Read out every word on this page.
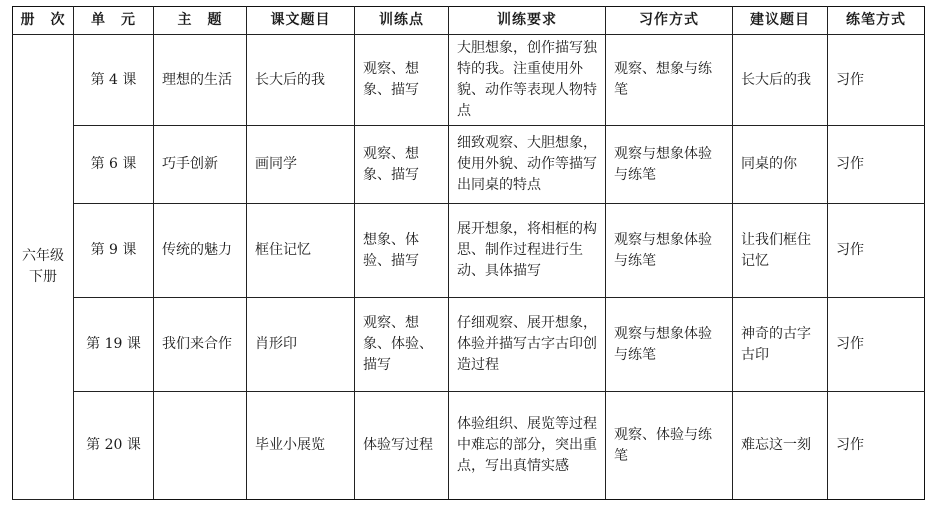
册　次	单　元	主　题	课文题目	训练点	训练要求	习作方式	建议题目	练笔方式
六年级下册	第 4 课	理想的生活	长大后的我	观察、想象、描写	大胆想象，创作描写独特的我。注重使用外貌、动作等表现人物特点	观察、想象与练笔	长大后的我	习作
	第 6 课	巧手创新	画同学	观察、想象、描写	细致观察、大胆想象，使用外貌、动作等描写出同桌的特点	观察与想象体验与练笔	同桌的你	习作
	第 9 课	传统的魅力	框住记忆	想象、体验、描写	展开想象，将相框的构思、制作过程进行生动、具体描写	观察与想象体验与练笔	让我们框住记忆	习作
	第 19 课	我们来合作	肖形印	观察、想象、体验、描写	仔细观察、展开想象，体验并描写古字古印创造过程	观察与想象体验与练笔	神奇的古字古印	习作
	第 20 课		毕业小展览	体验写过程	体验组织、展览等过程中难忘的部分，突出重点，写出真情实感	观察、体验与练笔	难忘这一刻	习作
